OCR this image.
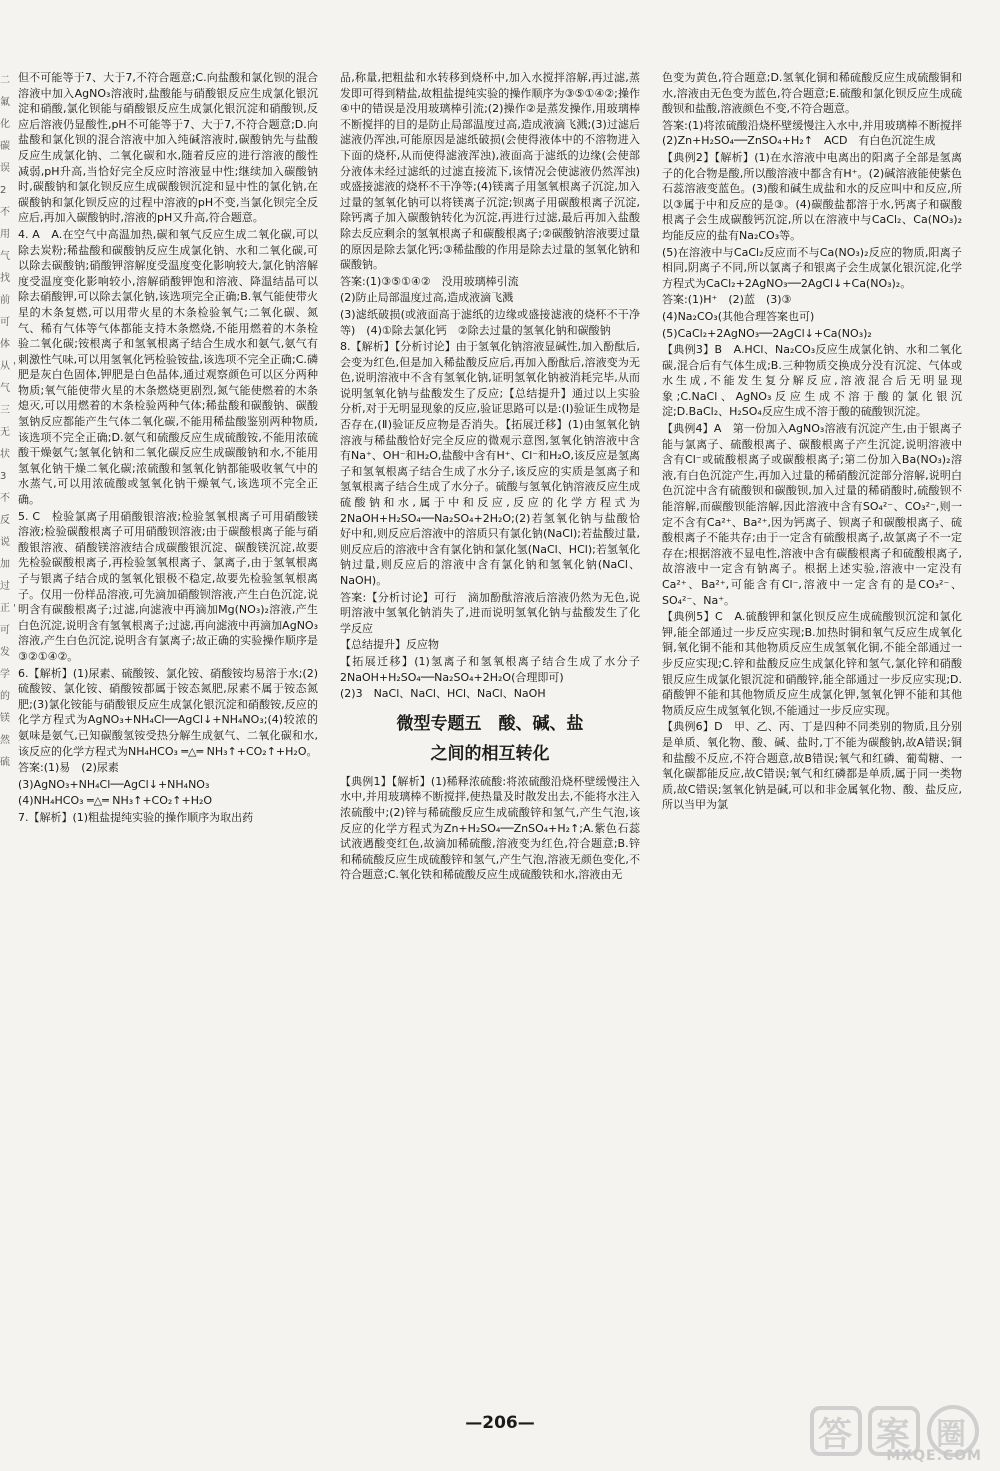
二 氟 化 碳 误 2 不 用 气 找 前 可 体 从 ' 气 三 无 状 3 不 反 说 加 过 正 ' 可 发 学 的 镁 然 硫

但不可能等于7、大于7,不符合题意;C.向盐酸和氯化钡的混合溶液中加入AgNO₃溶液时,盐酸能与硝酸银反应生成氯化银沉淀和硝酸,氯化钡能与硝酸银反应生成氯化银沉淀和硝酸钡,反应后溶液仍显酸性,pH不可能等于7、大于7,不符合题意;D.向盐酸和氯化钡的混合溶液中加入纯碱溶液时,碳酸钠先与盐酸反应生成氯化钠、二氧化碳和水,随着反应的进行溶液的酸性减弱,pH升高,当恰好完全反应时溶液显中性;继续加入碳酸钠时,碳酸钠和氯化钡反应生成碳酸钡沉淀和显中性的氯化钠,在碳酸钠和氯化钡反应的过程中溶液的pH不变,当氯化钡完全反应后,再加入碳酸钠时,溶液的pH又升高,符合题意。

4. A　A.在空气中高温加热,碳和氧气反应生成二氧化碳,可以除去炭粉;稀盐酸和碳酸钠反应生成氯化钠、水和二氧化碳,可以除去碳酸钠;硝酸钾溶解度受温度变化影响较大,氯化钠溶解度受温度变化影响较小,溶解硝酸钾饱和溶液、降温结晶可以除去硝酸钾,可以除去氯化钠,该选项完全正确;B.氧气能使带火星的木条复燃,可以用带火星的木条检验氧气;二氧化碳、氮气、稀有气体等气体都能支持木条燃烧,不能用燃着的木条检验二氧化碳;铵根离子和氢氧根离子结合生成水和氨气,氨气有刺激性气味,可以用氢氧化钙检验铵盐,该选项不完全正确;C.磷肥是灰白色固体,钾肥是白色晶体,通过观察颜色可以区分两种物质;氧气能使带火星的木条燃烧更剧烈,氮气能使燃着的木条熄灭,可以用燃着的木条检验两种气体;稀盐酸和碳酸钠、碳酸氢钠反应都能产生气体二氧化碳,不能用稀盐酸鉴别两种物质,该选项不完全正确;D.氨气和硫酸反应生成硫酸铵,不能用浓硫酸干燥氨气;氢氧化钠和二氧化碳反应生成碳酸钠和水,不能用氢氧化钠干燥二氧化碳;浓硫酸和氢氧化钠都能吸收氧气中的水蒸气,可以用浓硫酸或氢氧化钠干燥氧气,该选项不完全正确。

5. C　检验氯离子用硝酸银溶液;检验氢氧根离子可用硝酸镁溶液;检验碳酸根离子可用硝酸钡溶液;由于碳酸根离子能与硝酸银溶液、硝酸镁溶液结合成碳酸银沉淀、碳酸镁沉淀,故要先检验碳酸根离子,再检验氢氧根离子、氯离子,由于氢氧根离子与银离子结合成的氢氧化银极不稳定,故要先检验氢氧根离子。仅用一份样品溶液,可先滴加硝酸钡溶液,产生白色沉淀,说明含有碳酸根离子;过滤,向滤液中再滴加Mg(NO₃)₂溶液,产生白色沉淀,说明含有氢氧根离子;过滤,再向滤液中再滴加AgNO₃溶液,产生白色沉淀,说明含有氯离子;故正确的实验操作顺序是③②①④②。

6.【解析】(1)尿素、硫酸铵、氯化铵、硝酸铵均易溶于水;(2)硫酸铵、氯化铵、硝酸铵都属于铵态氮肥,尿素不属于铵态氮肥;(3)氯化铵能与硝酸银反应生成氯化银沉淀和硝酸铵,反应的化学方程式为AgNO₃+NH₄Cl──AgCl↓+NH₄NO₃;(4)较浓的氨味是氨气,已知碳酸氢铵受热分解生成氨气、二氧化碳和水,该反应的化学方程式为NH₄HCO₃ ═△═ NH₃↑+CO₂↑+H₂O。

答案:(1)易　(2)尿素

(3)AgNO₃+NH₄Cl──AgCl↓+NH₄NO₃

(4)NH₄HCO₃ ═△═ NH₃↑+CO₂↑+H₂O

7.【解析】(1)粗盐提纯实验的操作顺序为取出药

品,称量,把粗盐和水转移到烧杯中,加入水搅拌溶解,再过滤,蒸发即可得到精盐,故粗盐提纯实验的操作顺序为③⑤①④②;操作④中的错误是没用玻璃棒引流;(2)操作②是蒸发操作,用玻璃棒不断搅拌的目的是防止局部温度过高,造成液滴飞溅;(3)过滤后滤液仍浑浊,可能原因是滤纸破损(会使得液体中的不溶物进入下面的烧杯,从而使得滤液浑浊),液面高于滤纸的边缘(会使部分液体未经过滤纸的过滤直接流下,该情况会使滤液仍然浑浊)或盛接滤液的烧杯不干净等;(4)镁离子用氢氧根离子沉淀,加入过量的氢氧化钠可以将镁离子沉淀;钡离子用碳酸根离子沉淀,除钙离子加入碳酸钠转化为沉淀,再进行过滤,最后再加入盐酸除去反应剩余的氢氧根离子和碳酸根离子;②碳酸钠溶液要过量的原因是除去氯化钙;③稀盐酸的作用是除去过量的氢氧化钠和碳酸钠。

答案:(1)③⑤①④②　没用玻璃棒引流

(2)防止局部温度过高,造成液滴飞溅

(3)滤纸破损(或液面高于滤纸的边缘或盛接滤液的烧杯不干净等)　(4)①除去氯化钙　②除去过量的氢氧化钠和碳酸钠

8.【解析】【分析讨论】由于氢氧化钠溶液显碱性,加入酚酞后,会变为红色,但是加入稀盐酸反应后,再加入酚酞后,溶液变为无色,说明溶液中不含有氢氧化钠,证明氢氧化钠被消耗完毕,从而说明氢氧化钠与盐酸发生了反应;【总结提升】通过以上实验分析,对于无明显现象的反应,验证思路可以是:(Ⅰ)验证生成物是否存在,(Ⅱ)验证反应物是否消失。【拓展迁移】(1)由氢氧化钠溶液与稀盐酸恰好完全反应的微观示意图,氢氧化钠溶液中含有Na⁺、OH⁻和H₂O,盐酸中含有H⁺、Cl⁻和H₂O,该反应是氢离子和氢氧根离子结合生成了水分子,该反应的实质是氢离子和氢氧根离子结合生成了水分子。硫酸与氢氧化钠溶液反应生成硫酸钠和水,属于中和反应,反应的化学方程式为2NaOH+H₂SO₄──Na₂SO₄+2H₂O;(2)若氢氧化钠与盐酸恰好中和,则反应后溶液中的溶质只有氯化钠(NaCl);若盐酸过量,则反应后的溶液中含有氯化钠和氯化氢(NaCl、HCl);若氢氧化钠过量,则反应后的溶液中含有氯化钠和氢氧化钠(NaCl、NaOH)。

答案:【分析讨论】可行　滴加酚酞溶液后溶液仍然为无色,说明溶液中氢氧化钠消失了,进而说明氢氧化钠与盐酸发生了化学反应

【总结提升】反应物

【拓展迁移】(1)氢离子和氢氧根离子结合生成了水分子　2NaOH+H₂SO₄──Na₂SO₄+2H₂O(合理即可)

(2)3　NaCl、NaCl、HCl、NaCl、NaOH

微型专题五　酸、碱、盐
之间的相互转化

【典例1】【解析】(1)稀释浓硫酸:将浓硫酸沿烧杯壁缓慢注入水中,并用玻璃棒不断搅拌,使热量及时散发出去,不能将水注入浓硫酸中;(2)锌与稀硫酸反应生成硫酸锌和氢气,产生气泡,该反应的化学方程式为Zn+H₂SO₄──ZnSO₄+H₂↑;A.紫色石蕊试液遇酸变红色,故滴加稀硫酸,溶液变为红色,符合题意;B.锌和稀硫酸反应生成硫酸锌和氢气,产生气泡,溶液无颜色变化,不符合题意;C.氧化铁和稀硫酸反应生成硫酸铁和水,溶液由无

色变为黄色,符合题意;D.氢氧化铜和稀硫酸反应生成硫酸铜和水,溶液由无色变为蓝色,符合题意;E.硫酸和氯化钡反应生成硫酸钡和盐酸,溶液颜色不变,不符合题意。

答案:(1)将浓硫酸沿烧杯壁缓慢注入水中,并用玻璃棒不断搅拌　(2)Zn+H₂SO₄──ZnSO₄+H₂↑　ACD　有白色沉淀生成

【典例2】【解析】(1)在水溶液中电离出的阳离子全部是氢离子的化合物是酸,所以酸溶液中都含有H⁺。(2)碱溶液能使紫色石蕊溶液变蓝色。(3)酸和碱生成盐和水的反应叫中和反应,所以③属于中和反应的是③。(4)碳酸盐都溶于水,钙离子和碳酸根离子会生成碳酸钙沉淀,所以在溶液中与CaCl₂、Ca(NO₃)₂均能反应的盐有Na₂CO₃等。

(5)在溶液中与CaCl₂反应而不与Ca(NO₃)₂反应的物质,阳离子相同,阴离子不同,所以氯离子和银离子会生成氯化银沉淀,化学方程式为CaCl₂+2AgNO₃──2AgCl↓+Ca(NO₃)₂。

答案:(1)H⁺　(2)蓝　(3)③

(4)Na₂CO₃(其他合理答案也可)

(5)CaCl₂+2AgNO₃──2AgCl↓+Ca(NO₃)₂

【典例3】B　A.HCl、Na₂CO₃反应生成氯化钠、水和二氧化碳,混合后有气体生成;B.三种物质交换成分没有沉淀、气体或水生成,不能发生复分解反应,溶液混合后无明显现象;C.NaCl、AgNO₃反应生成不溶于酸的氯化银沉淀;D.BaCl₂、H₂SO₄反应生成不溶于酸的硫酸钡沉淀。

【典例4】A　第一份加入AgNO₃溶液有沉淀产生,由于银离子能与氯离子、硫酸根离子、碳酸根离子产生沉淀,说明溶液中含有Cl⁻或硫酸根离子或碳酸根离子;第二份加入Ba(NO₃)₂溶液,有白色沉淀产生,再加入过量的稀硝酸沉淀部分溶解,说明白色沉淀中含有硫酸钡和碳酸钡,加入过量的稀硝酸时,硫酸钡不能溶解,而碳酸钡能溶解,因此溶液中含有SO₄²⁻、CO₃²⁻,则一定不含有Ca²⁺、Ba²⁺,因为钙离子、钡离子和碳酸根离子、硫酸根离子不能共存;由于一定含有硫酸根离子,故氯离子不一定存在;根据溶液不显电性,溶液中含有碳酸根离子和硫酸根离子,故溶液中一定含有钠离子。根据上述实验,溶液中一定没有Ca²⁺、Ba²⁺,可能含有Cl⁻,溶液中一定含有的是CO₃²⁻、SO₄²⁻、Na⁺。

【典例5】C　A.硫酸钾和氯化钡反应生成硫酸钡沉淀和氯化钾,能全部通过一步反应实现;B.加热时铜和氧气反应生成氧化铜,氧化铜不能和其他物质反应生成氢氧化铜,不能全部通过一步反应实现;C.锌和盐酸反应生成氯化锌和氢气,氯化锌和硝酸银反应生成氯化银沉淀和硝酸锌,能全部通过一步反应实现;D.硝酸钾不能和其他物质反应生成氯化钾,氢氧化钾不能和其他物质反应生成氢氧化钡,不能通过一步反应实现。

【典例6】D　甲、乙、丙、丁是四种不同类别的物质,且分别是单质、氧化物、酸、碱、盐时,丁不能为碳酸钠,故A错误;铜和盐酸不反应,不符合题意,故B错误;氧气和红磷、葡萄糖、一氧化碳都能反应,故C错误;氧气和红磷都是单质,属于同一类物质,故C错误;氢氧化钠是碱,可以和非金属氧化物、酸、盐反应,所以当甲为氯

—206—	答 案 圈
MXQE.COM
